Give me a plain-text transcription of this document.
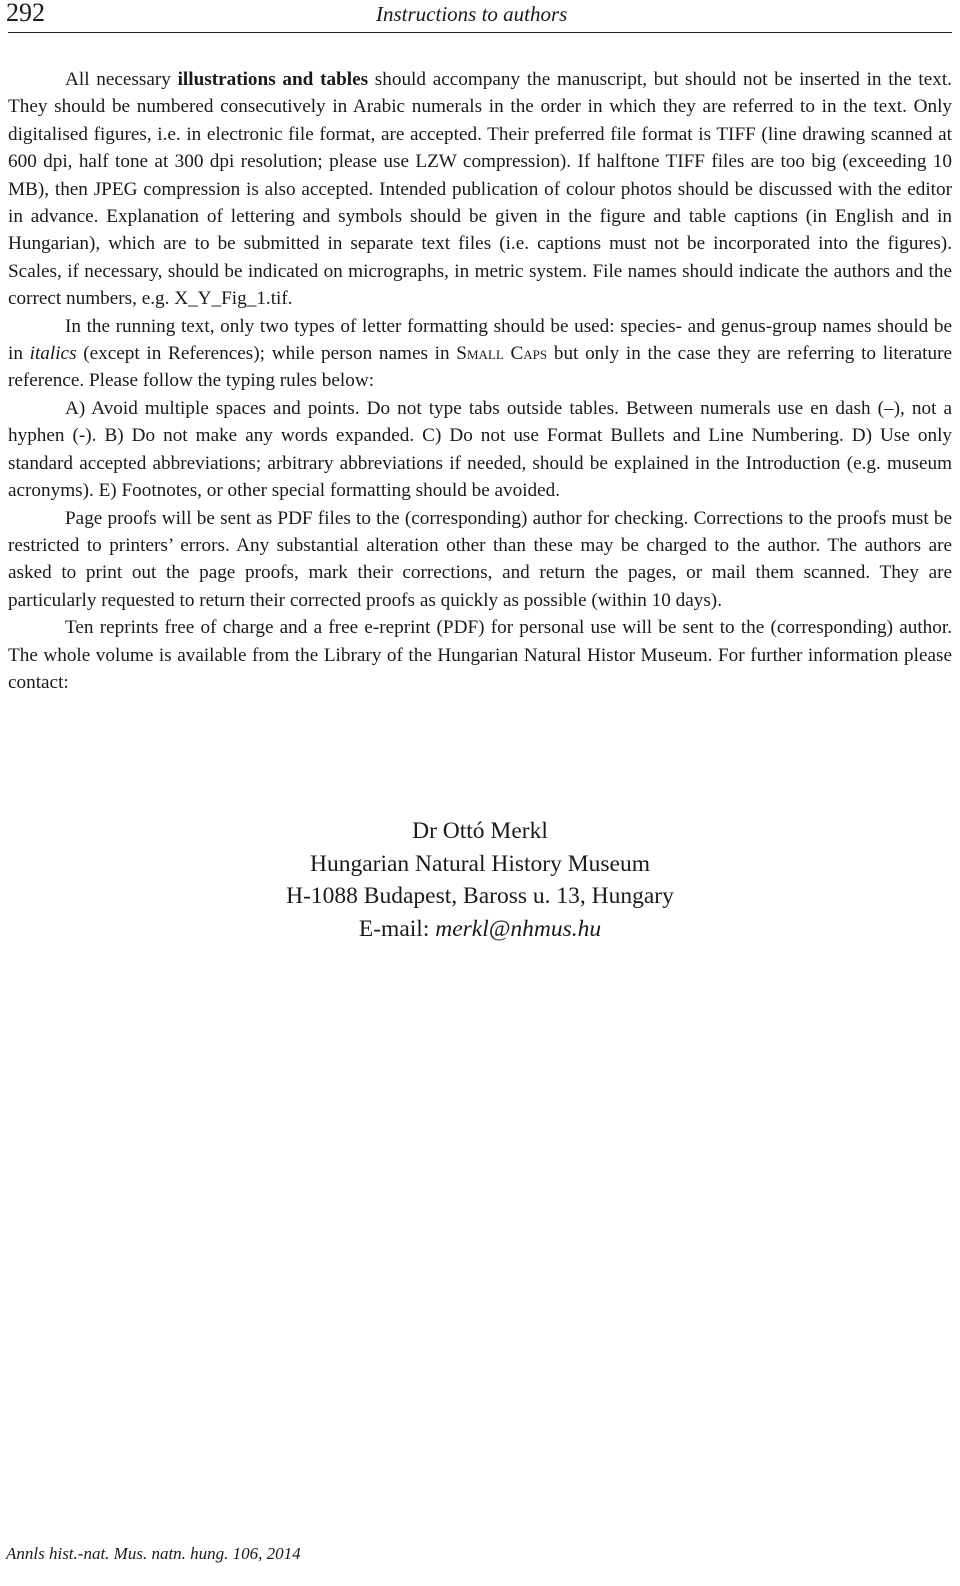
292	Instructions to authors

All necessary illustrations and tables should accompany the manuscript, but should not be inserted in the text. They should be numbered consecutively in Arabic numerals in the order in which they are referred to in the text. Only digitalised figures, i.e. in electronic file format, are accepted. Their preferred file format is TIFF (line drawing scanned at 600 dpi, half tone at 300 dpi resolution; please use LZW compression). If halftone TIFF files are too big (exceeding 10 MB), then JPEG compression is also accepted. Intended publication of colour photos should be discussed with the editor in advance. Explanation of lettering and symbols should be given in the figure and table captions (in English and in Hungarian), which are to be submitted in separate text files (i.e. captions must not be incorporated into the figures). Scales, if necessary, should be indicated on micrographs, in metric system. File names should indicate the authors and the correct numbers, e.g. X_Y_Fig_1.tif.

In the running text, only two types of letter formatting should be used: species- and genus-group names should be in italics (except in References); while person names in Small Caps but only in the case they are referring to literature reference. Please follow the typing rules below:

A) Avoid multiple spaces and points. Do not type tabs outside tables. Between numerals use en dash (–), not a hyphen (-). B) Do not make any words expanded. C) Do not use Format Bullets and Line Numbering. D) Use only standard accepted abbreviations; arbitrary abbreviations if needed, should be explained in the Introduction (e.g. museum acronyms). E) Footnotes, or other special formatting should be avoided.

Page proofs will be sent as PDF files to the (corresponding) author for checking. Corrections to the proofs must be restricted to printers’ errors. Any substantial alteration other than these may be charged to the author. The authors are asked to print out the page proofs, mark their corrections, and return the pages, or mail them scanned. They are particularly requested to return their corrected proofs as quickly as possible (within 10 days).

Ten reprints free of charge and a free e-reprint (PDF) for personal use will be sent to the (corresponding) author. The whole volume is available from the Library of the Hungarian Natural Histor Museum. For further information please contact:

Dr Ottó Merkl
Hungarian Natural History Museum
H-1088 Budapest, Baross u. 13, Hungary
E-mail: merkl@nhmus.hu
Annls hist.-nat. Mus. natn. hung. 106, 2014
